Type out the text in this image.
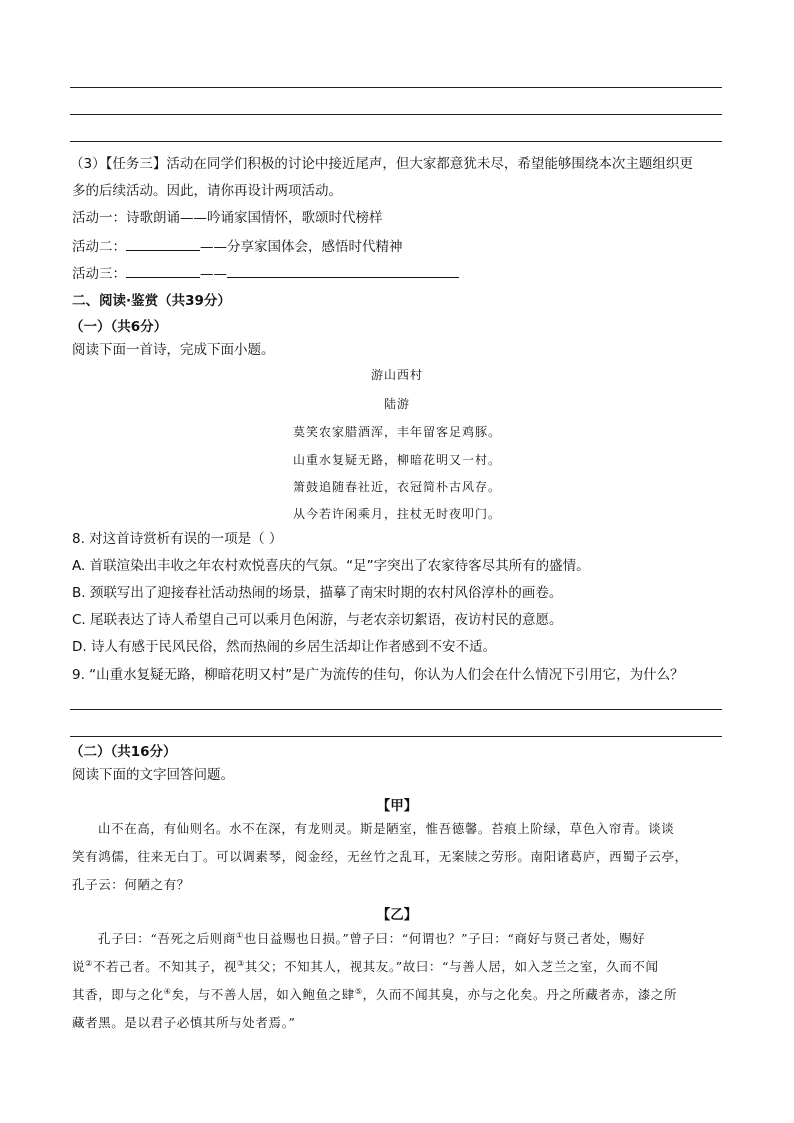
（3）【任务三】活动在同学们积极的讨论中接近尾声，但大家都意犹未尽，希望能够围绕本次主题组织更
多的后续活动。因此，请你再设计两项活动。
活动一：诗歌朗诵——吟诵家国情怀，歌颂时代榜样
活动二：	——分享家国体会，感悟时代精神
活动三：	——
二、阅读·鉴赏（共39分）
（一）（共6分）
阅读下面一首诗，完成下面小题。
游山西村
陆游
莫笑农家腊酒浑，丰年留客足鸡豚。
山重水复疑无路，柳暗花明又一村。
箫鼓追随春社近，衣冠简朴古风存。
从今若许闲乘月，拄杖无时夜叩门。
8. 对这首诗赏析有误的一项是（ ）
A. 首联渲染出丰收之年农村欢悦喜庆的气氛。“足”字突出了农家待客尽其所有的盛情。
B. 颈联写出了迎接春社活动热闹的场景，描摹了南宋时期的农村风俗淳朴的画卷。
C. 尾联表达了诗人希望自己可以乘月色闲游，与老农亲切絮语，夜访村民的意愿。
D. 诗人有感于民风民俗，然而热闹的乡居生活却让作者感到不安不适。
9. “山重水复疑无路，柳暗花明又村”是广为流传的佳句，你认为人们会在什么情况下引用它，为什么？
（二）（共16分）
阅读下面的文字回答问题。
【甲】
山不在高，有仙则名。水不在深，有龙则灵。斯是陋室，惟吾德馨。苔痕上阶绿，草色入帘青。谈谈
笑有鸿儒，往来无白丁。可以调素琴，阅金经，无丝竹之乱耳，无案牍之劳形。南阳诸葛庐，西蜀子云亭，
孔子云：何陋之有？
【乙】
孔子曰：“吾死之后则商①也日益赐也日损。”曾子曰：“何谓也？”子曰：“商好与贤己者处，赐好
说②不若己者。不知其子，视③其父；不知其人，视其友。”故曰：“与善人居，如入芝兰之室，久而不闻
其香，即与之化④矣，与不善人居，如入鲍鱼之肆⑤，久而不闻其臭，亦与之化矣。丹之所藏者赤，漆之所
藏者黑。是以君子必慎其所与处者焉。”
